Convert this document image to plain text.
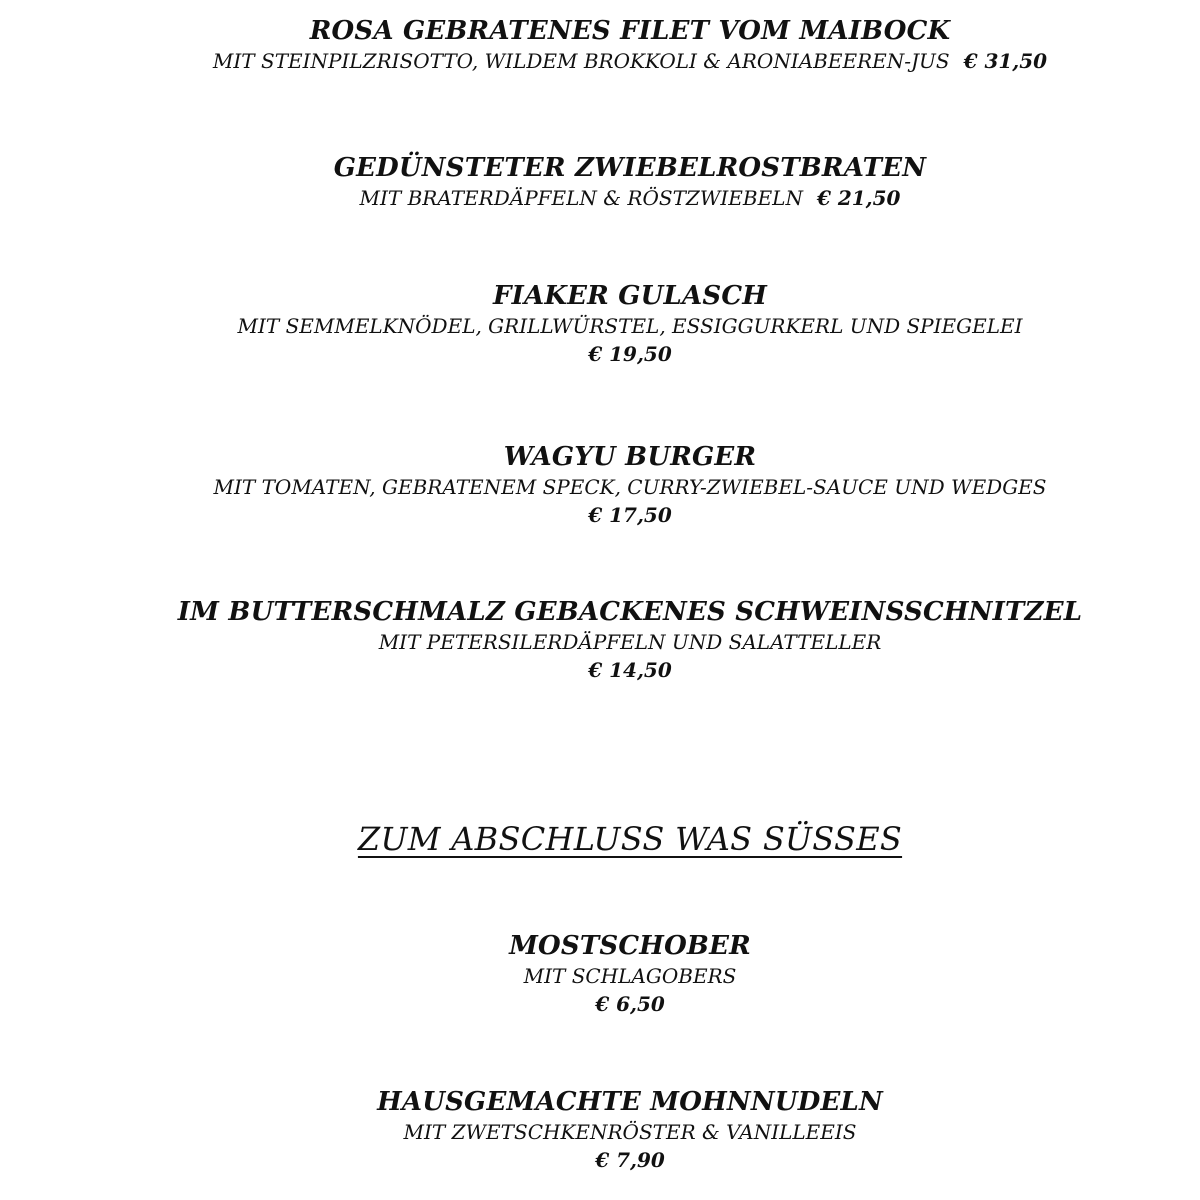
ROSA GEBRATENES FILET VOM MAIBOCK
MIT STEINPILZRISOTTO, WILDEM BROKKOLI & ARONIABEEREN-JUS € 31,50
GEDÜNSTETER ZWIEBELROSTBRATEN
MIT BRATERDÄPFELN & RÖSTZWIEBELN € 21,50
FIAKER GULASCH
MIT SEMMELKNÖDEL, GRILLWÜRSTEL, ESSIGGURKERL UND SPIEGELEI
€ 19,50
WAGYU BURGER
MIT TOMATEN, GEBRATENEM SPECK, CURRY-ZWIEBEL-SAUCE UND WEDGES
€ 17,50
IM BUTTERSCHMALZ GEBACKENES SCHWEINSSCHNITZEL
MIT PETERSILERDÄPFELN UND SALATTELLER
€ 14,50
ZUM ABSCHLUSS WAS SÜSSES
MOSTSCHOBER
MIT SCHLAGOBERS
€ 6,50
HAUSGEMACHTE MOHNNUDELN
MIT ZWETSCHKENRÖSTER & VANILLEEIS
€ 7,90
